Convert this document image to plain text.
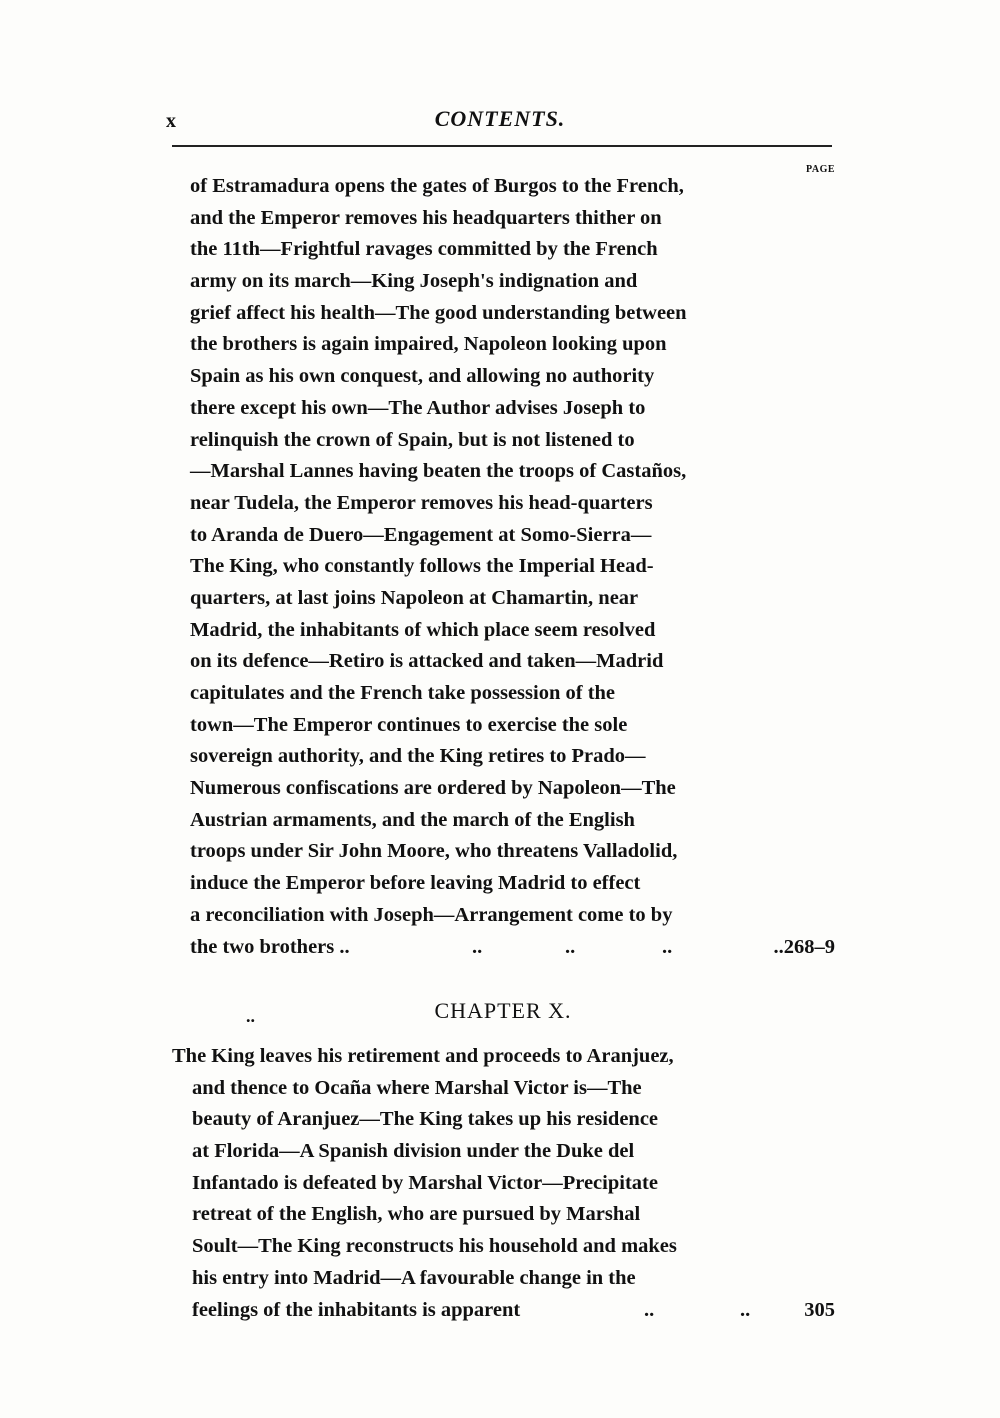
x	CONTENTS.
PAGE
of Estramadura opens the gates of Burgos to the French,
and the Emperor removes his headquarters thither on
the 11th—Frightful ravages committed by the French
army on its march—King Joseph's indignation and
grief affect his health—The good understanding between
the brothers is again impaired, Napoleon looking upon
Spain as his own conquest, and allowing no authority
there except his own—The Author advises Joseph to
relinquish the crown of Spain, but is not listened to
—Marshal Lannes having beaten the troops of Castaños,
near Tudela, the Emperor removes his head-quarters
to Aranda de Duero—Engagement at Somo-Sierra—
The King, who constantly follows the Imperial Head-
quarters, at last joins Napoleon at Chamartin, near
Madrid, the inhabitants of which place seem resolved
on its defence—Retiro is attacked and taken—Madrid
capitulates and the French take possession of the
town—The Emperor continues to exercise the sole
sovereign authority, and the King retires to Prado—
Numerous confiscations are ordered by Napoleon—The
Austrian armaments, and the march of the English
troops under Sir John Moore, who threatens Valladolid,
induce the Emperor before leaving Madrid to effect
a reconciliation with Joseph—Arrangement come to by
the two brothers ..	..	..	..	..268–9
..	CHAPTER X.
The King leaves his retirement and proceeds to Aranjuez,
and thence to Ocaña where Marshal Victor is—The
beauty of Aranjuez—The King takes up his residence
at Florida—A Spanish division under the Duke del
Infantado is defeated by Marshal Victor—Precipitate
retreat of the English, who are pursued by Marshal
Soult—The King reconstructs his household and makes
his entry into Madrid—A favourable change in the
feelings of the inhabitants is apparent	..	..	305
